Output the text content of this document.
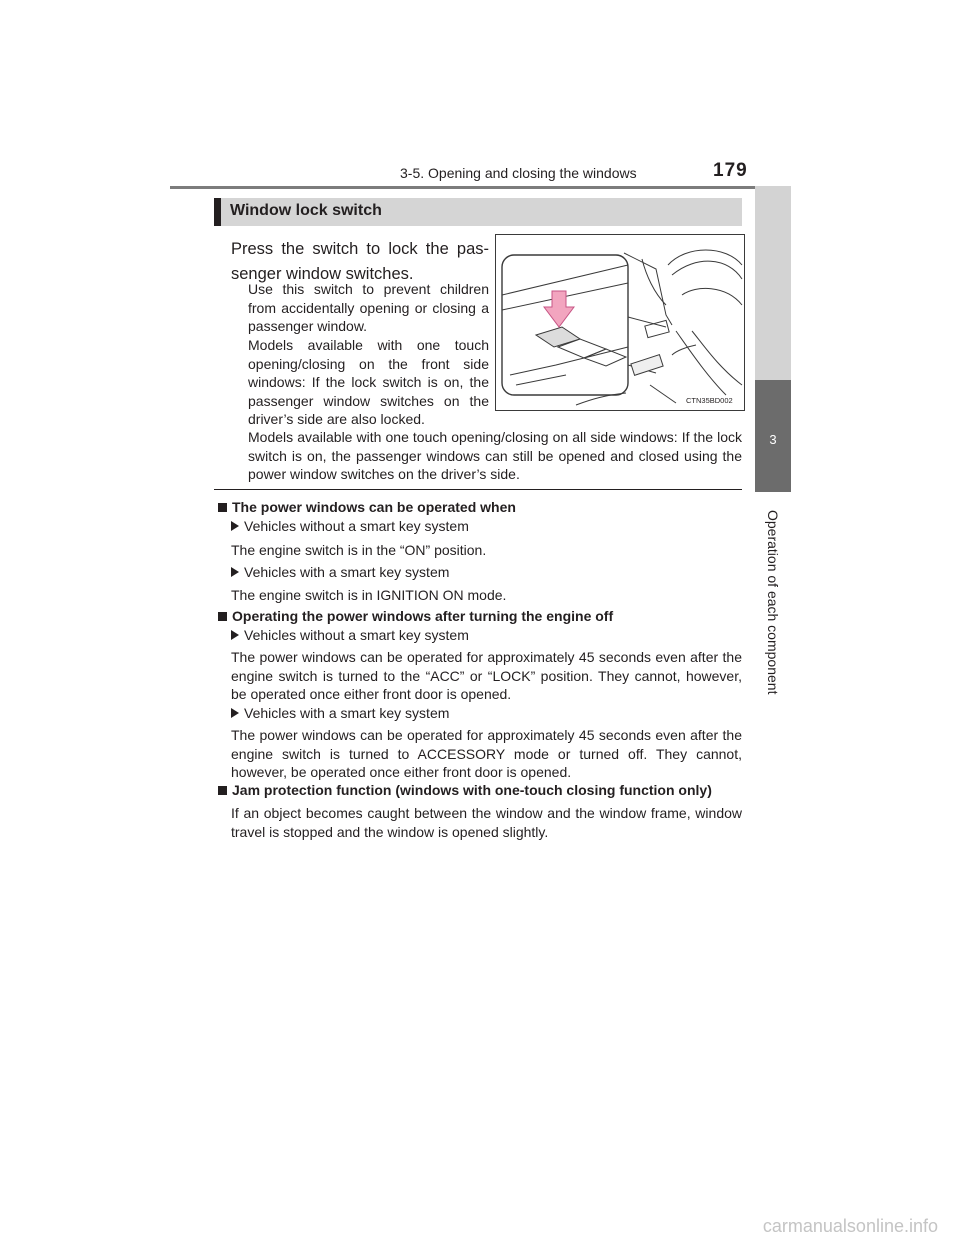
3-5. Opening and closing the windows	179
3
Operation of each component
Window lock switch
Press the switch to lock the pas-
senger window switches.
Use this switch to prevent children from accidentally opening or closing a passenger window.
Models available with one touch opening/closing on the front side windows: If the lock switch is on, the passenger window switches on the driver’s side are also locked.
Models available with one touch opening/closing on all side windows: If the lock switch is on, the passenger windows can still be opened and closed using the power window switches on the driver’s side.
CTN35BD002
The power windows can be operated when
Vehicles without a smart key system
The engine switch is in the “ON” position.
Vehicles with a smart key system
The engine switch is in IGNITION ON mode.
Operating the power windows after turning the engine off
Vehicles without a smart key system
The power windows can be operated for approximately 45 seconds even after the engine switch is turned to the “ACC” or “LOCK” position. They cannot, however, be operated once either front door is opened.
Vehicles with a smart key system
The power windows can be operated for approximately 45 seconds even after the engine switch is turned to ACCESSORY mode or turned off. They cannot, however, be operated once either front door is opened.
Jam protection function (windows with one-touch closing function only)
If an object becomes caught between the window and the window frame, window travel is stopped and the window is opened slightly.
carmanualsonline.info
